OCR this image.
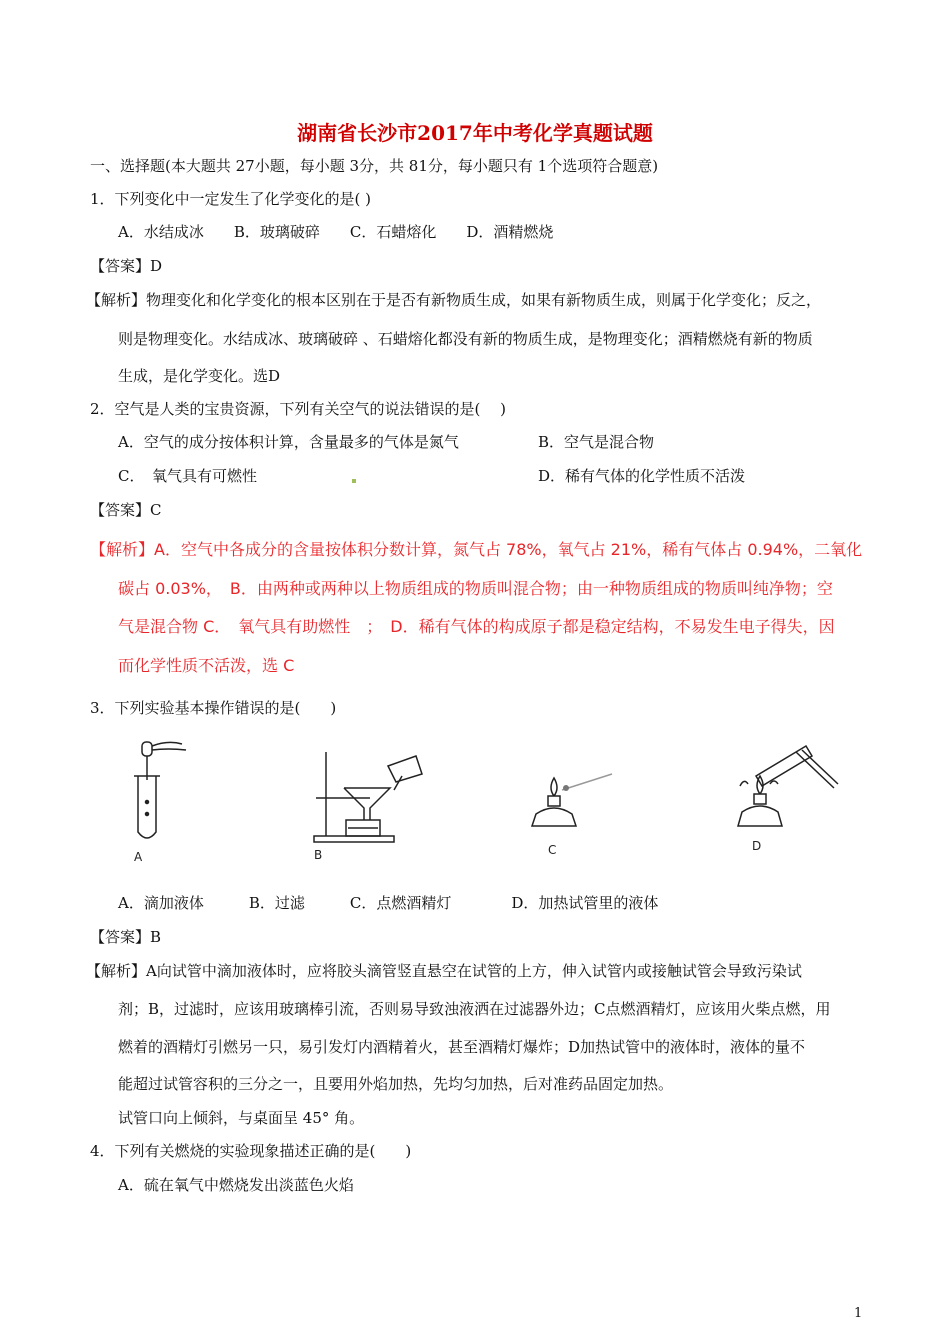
湖南省长沙市2017年中考化学真题试题
一、选择题(本大题共 27小题，每小题 3分，共 81分，每小题只有 1个选项符合题意)
1．下列变化中一定发生了化学变化的是( )
A．水结成冰　　B．玻璃破碎　　C．石蜡熔化　　D．酒精燃烧
【答案】D
【解析】物理变化和化学变化的根本区别在于是否有新物质生成，如果有新物质生成，则属于化学变化；反之，
则是物理变化。水结成冰、玻璃破碎 、石蜡熔化都没有新的物质生成，是物理变化；酒精燃烧有新的物质
生成，是化学变化。选D
2．空气是人类的宝贵资源，下列有关空气的说法错误的是(　 )
A．空气的成分按体积计算，含量最多的气体是氮气	B．空气是混合物
C．　氧气具有可燃性	D．稀有气体的化学性质不活泼
【答案】C
【解析】A．空气中各成分的含量按体积分数计算，氮气占 78%，氧气占 21%，稀有气体占 0.94%，二氧化
碳占 0.03%，　B．由两种或两种以上物质组成的物质叫混合物；由一种物质组成的物质叫纯净物；空
气是混合物 C．　氧气具有助燃性　；　D．稀有气体的构成原子都是稳定结构，不易发生电子得失，因
而化学性质不活泼，选 C
3．下列实验基本操作错误的是(　　)
A	B	C	D
A．滴加液体　　　B．过滤　　　C．点燃酒精灯　　　　D．加热试管里的液体
【答案】B
【解析】A向试管中滴加液体时，应将胶头滴管竖直悬空在试管的上方，伸入试管内或接触试管会导致污染试
剂；B，过滤时，应该用玻璃棒引流，否则易导致浊液洒在过滤器外边；C点燃酒精灯，应该用火柴点燃，用
燃着的酒精灯引燃另一只，易引发灯内酒精着火，甚至酒精灯爆炸；D加热试管中的液体时，液体的量不
能超过试管容积的三分之一，且要用外焰加热，先均匀加热，后对准药品固定加热。
试管口向上倾斜，与桌面呈 45° 角。
4．下列有关燃烧的实验现象描述正确的是(　　)
A．硫在氧气中燃烧发出淡蓝色火焰
1
